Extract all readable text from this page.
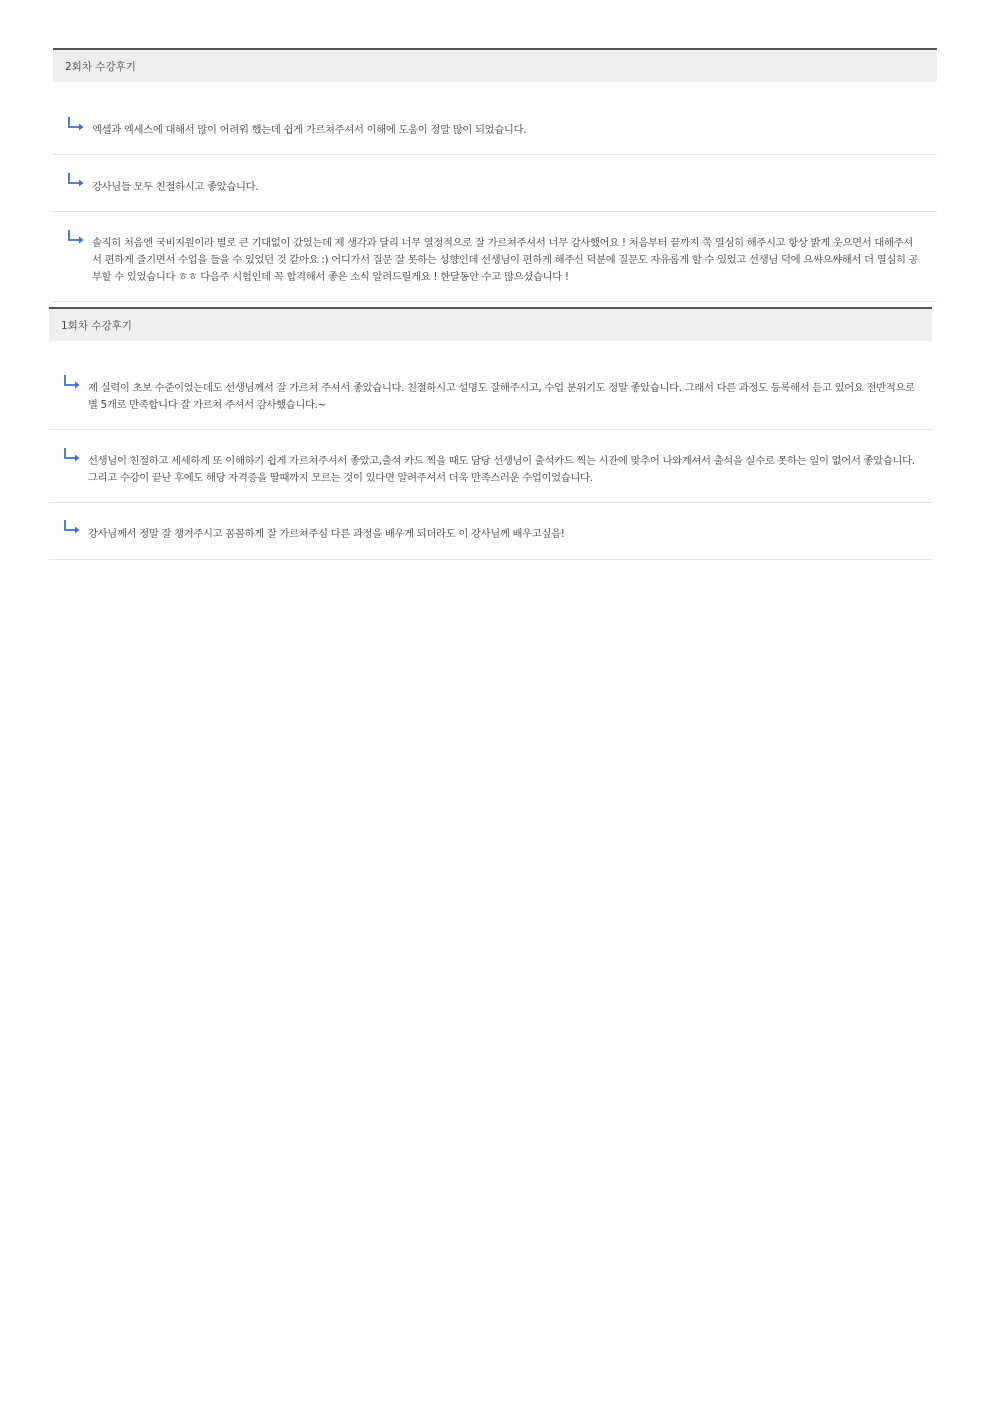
2회차 수강후기
엑셀과 엑세스에 대해서 많이 어려워 했는데 쉽게 가르쳐주셔서 이해에 도움이 정말 많이 되었습니다.
강사님들 모두 친절하시고 좋았습니다.
솔직히 처음엔 국비지원이라 별로 큰 기대없이 갔었는데 제 생각과 달리 너무 열정적으로 잘 가르쳐주셔서 너무 감사했어요 ! 처음부터 끝까지 쭉 열심히 해주시고 항상 밝게 웃으면서 대해주셔서 편하게 즐기면서 수업을 들을 수 있었던 것 같아요 :) 어디가서 질문 잘 못하는 성향인데 선생님이 편하게 해주신 덕분에 질문도 자유롭게 할 수 있었고 선생님 덕에 으쌰으쌰해서 더 열심히 공부할 수 있었습니다 ㅎㅎ 다음주 시험인데 꼭 합격해서 좋은 소식 알려드릴게요 ! 한달동안 수고 많으셨습니다 !
1회차 수강후기
제 실력이 초보 수준이었는데도 선생님께서 잘 가르쳐 주셔서 좋았습니다. 친절하시고 설명도 잘해주시고, 수업 분위기도 정말 좋았습니다. 그래서 다른 과정도 등록해서 듣고 있어요 전반적으로 별 5개로 만족합니다 잘 가르쳐 주셔서 감사했습니다.~
선생님이 친절하고 세세하게 또 이해하기 쉽게 가르쳐주셔서 좋았고,출석 카드 찍을 때도 담당 선생님이 출석카드 찍는 시간에 맞추어 나와계셔서 출석을 실수로 못하는 일이 없어서 좋았습니다.그리고 수강이 끝난 후에도 해당 자격증을 딸때까지 모르는 것이 있다면 알려주셔서 더욱 만족스러운 수업이었습니다.
강사님께서 정말 잘 챙겨주시고 꼼꼼하게 잘 가르쳐주심 다른 과정을 배우게 되더라도 이 강사님께 배우고싶음!
